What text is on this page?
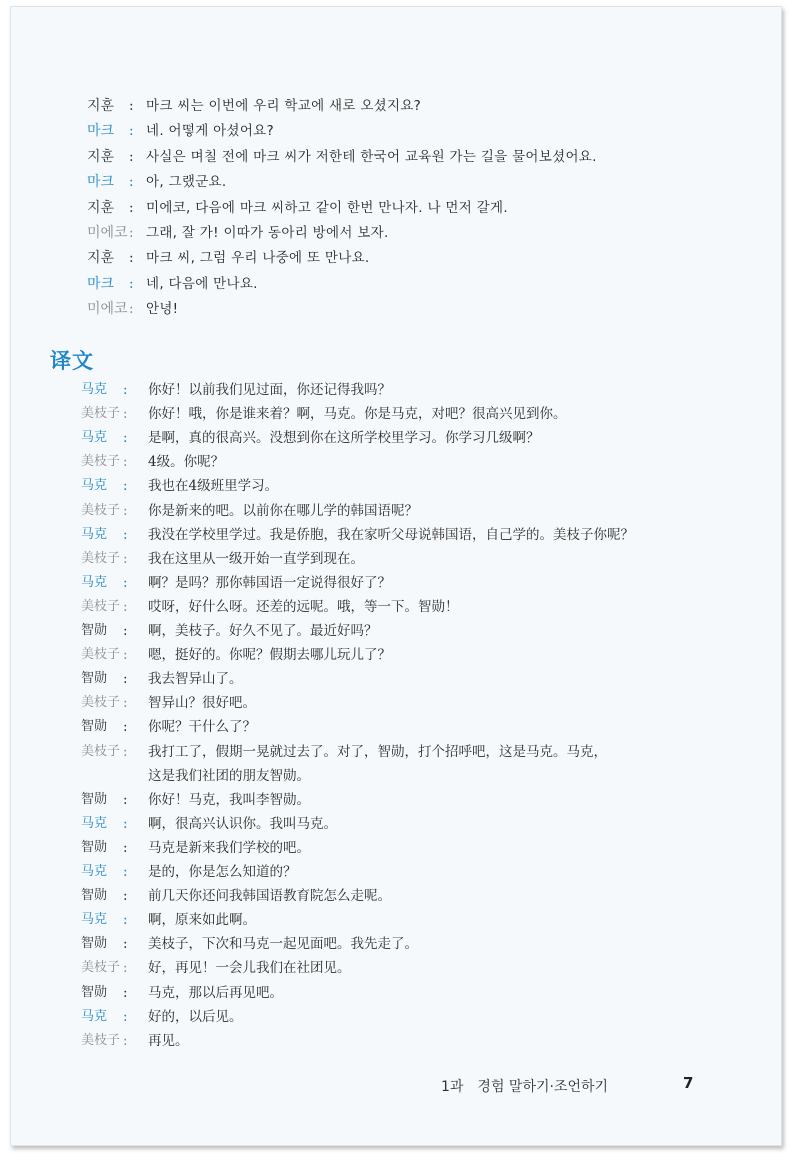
지훈 : 마크 씨는 이번에 우리 학교에 새로 오셨지요?
마크 : 네. 어떻게 아셨어요?
지훈 : 사실은 며칠 전에 마크 씨가 저한테 한국어 교육원 가는 길을 물어보셨어요.
마크 : 아, 그랬군요.
지훈 : 미에코, 다음에 마크 씨하고 같이 한번 만나자. 나 먼저 갈게.
미에코 : 그래, 잘 가! 이따가 동아리 방에서 보자.
지훈 : 마크 씨, 그럼 우리 나중에 또 만나요.
마크 : 네, 다음에 만나요.
미에코 : 안녕!
译文
马克 : 你好！以前我们见过面，你还记得我吗？
美枝子 : 你好！哦，你是谁来着？啊，马克。你是马克，对吧？很高兴见到你。
马克 : 是啊，真的很高兴。没想到你在这所学校里学习。你学习几级啊？
美枝子 : 4级。你呢？
马克 : 我也在4级班里学习。
美枝子 : 你是新来的吧。以前你在哪儿学的韩国语呢？
马克 : 我没在学校里学过。我是侨胞，我在家听父母说韩国语，自己学的。美枝子你呢？
美枝子 : 我在这里从一级开始一直学到现在。
马克 : 啊？是吗？那你韩国语一定说得很好了？
美枝子 : 哎呀，好什么呀。还差的远呢。哦，等一下。智勋！
智勋 : 啊，美枝子。好久不见了。最近好吗？
美枝子 : 嗯，挺好的。你呢？假期去哪儿玩儿了？
智勋 : 我去智异山了。
美枝子 : 智异山？很好吧。
智勋 : 你呢？干什么了？
美枝子 : 我打工了，假期一晃就过去了。对了，智勋，打个招呼吧，这是马克。马克，
这是我们社团的朋友智勋。
智勋 : 你好！马克，我叫李智勋。
马克 : 啊，很高兴认识你。我叫马克。
智勋 : 马克是新来我们学校的吧。
马克 : 是的，你是怎么知道的？
智勋 : 前几天你还问我韩国语教育院怎么走呢。
马克 : 啊，原来如此啊。
智勋 : 美枝子，下次和马克一起见面吧。我先走了。
美枝子 : 好，再见！一会儿我们在社团见。
智勋 : 马克，那以后再见吧。
马克 : 好的，以后见。
美枝子 : 再见。
1과　경험 말하기·조언하기	7
